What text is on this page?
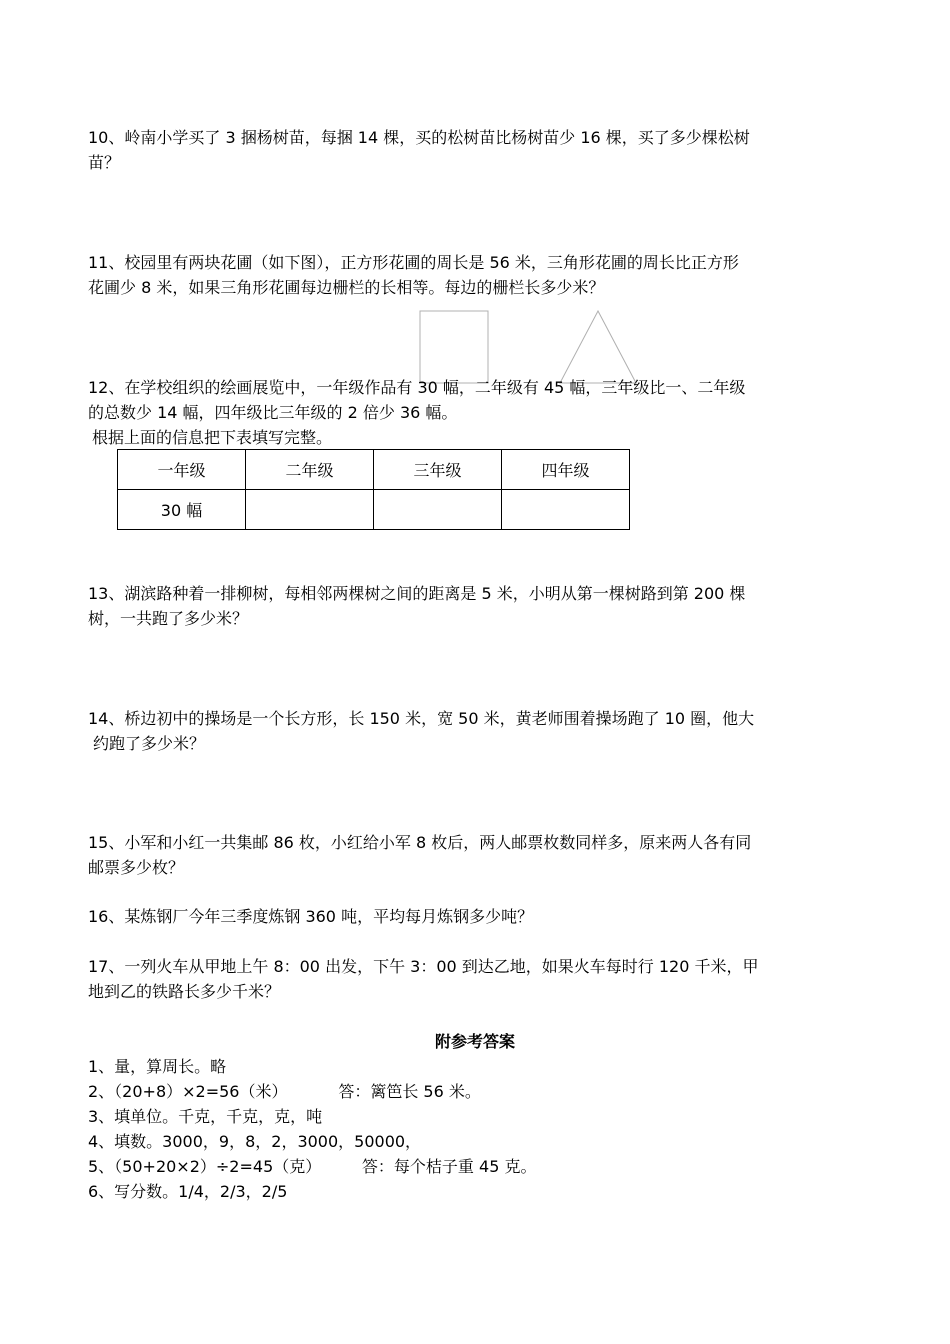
10、岭南小学买了 3 捆杨树苗，每捆 14 棵，买的松树苗比杨树苗少 16 棵，买了多少棵松树
苗？
11、校园里有两块花圃（如下图），正方形花圃的周长是 56 米，三角形花圃的周长比正方形
花圃少 8 米，如果三角形花圃每边栅栏的长相等。每边的栅栏长多少米？
12、在学校组织的绘画展览中，一年级作品有 30 幅，二年级有 45 幅，三年级比一、二年级
的总数少 14 幅，四年级比三年级的 2 倍少 36 幅。
根据上面的信息把下表填写完整。
一年级	二年级	三年级	四年级
30 幅			
13、湖滨路种着一排柳树，每相邻两棵树之间的距离是 5 米，小明从第一棵树路到第 200 棵
树，一共跑了多少米？
14、桥边初中的操场是一个长方形，长 150 米，宽 50 米，黄老师围着操场跑了 10 圈，他大
约跑了多少米？
15、小军和小红一共集邮 86 枚，小红给小军 8 枚后，两人邮票枚数同样多，原来两人各有同
邮票多少枚？
16、某炼钢厂今年三季度炼钢 360 吨，平均每月炼钢多少吨？
17、一列火车从甲地上午 8：00 出发，下午 3：00 到达乙地，如果火车每时行 120 千米，甲
地到乙的铁路长多少千米？
附参考答案
1、量，算周长。略
2、（20+8）×2=56（米）          答：篱笆长 56 米。
3、填单位。千克，千克，克，吨
4、填数。3000，9，8，2，3000，50000，
5、（50+20×2）÷2=45（克）        答：每个桔子重 45 克。
6、写分数。1/4，2/3，2/5
